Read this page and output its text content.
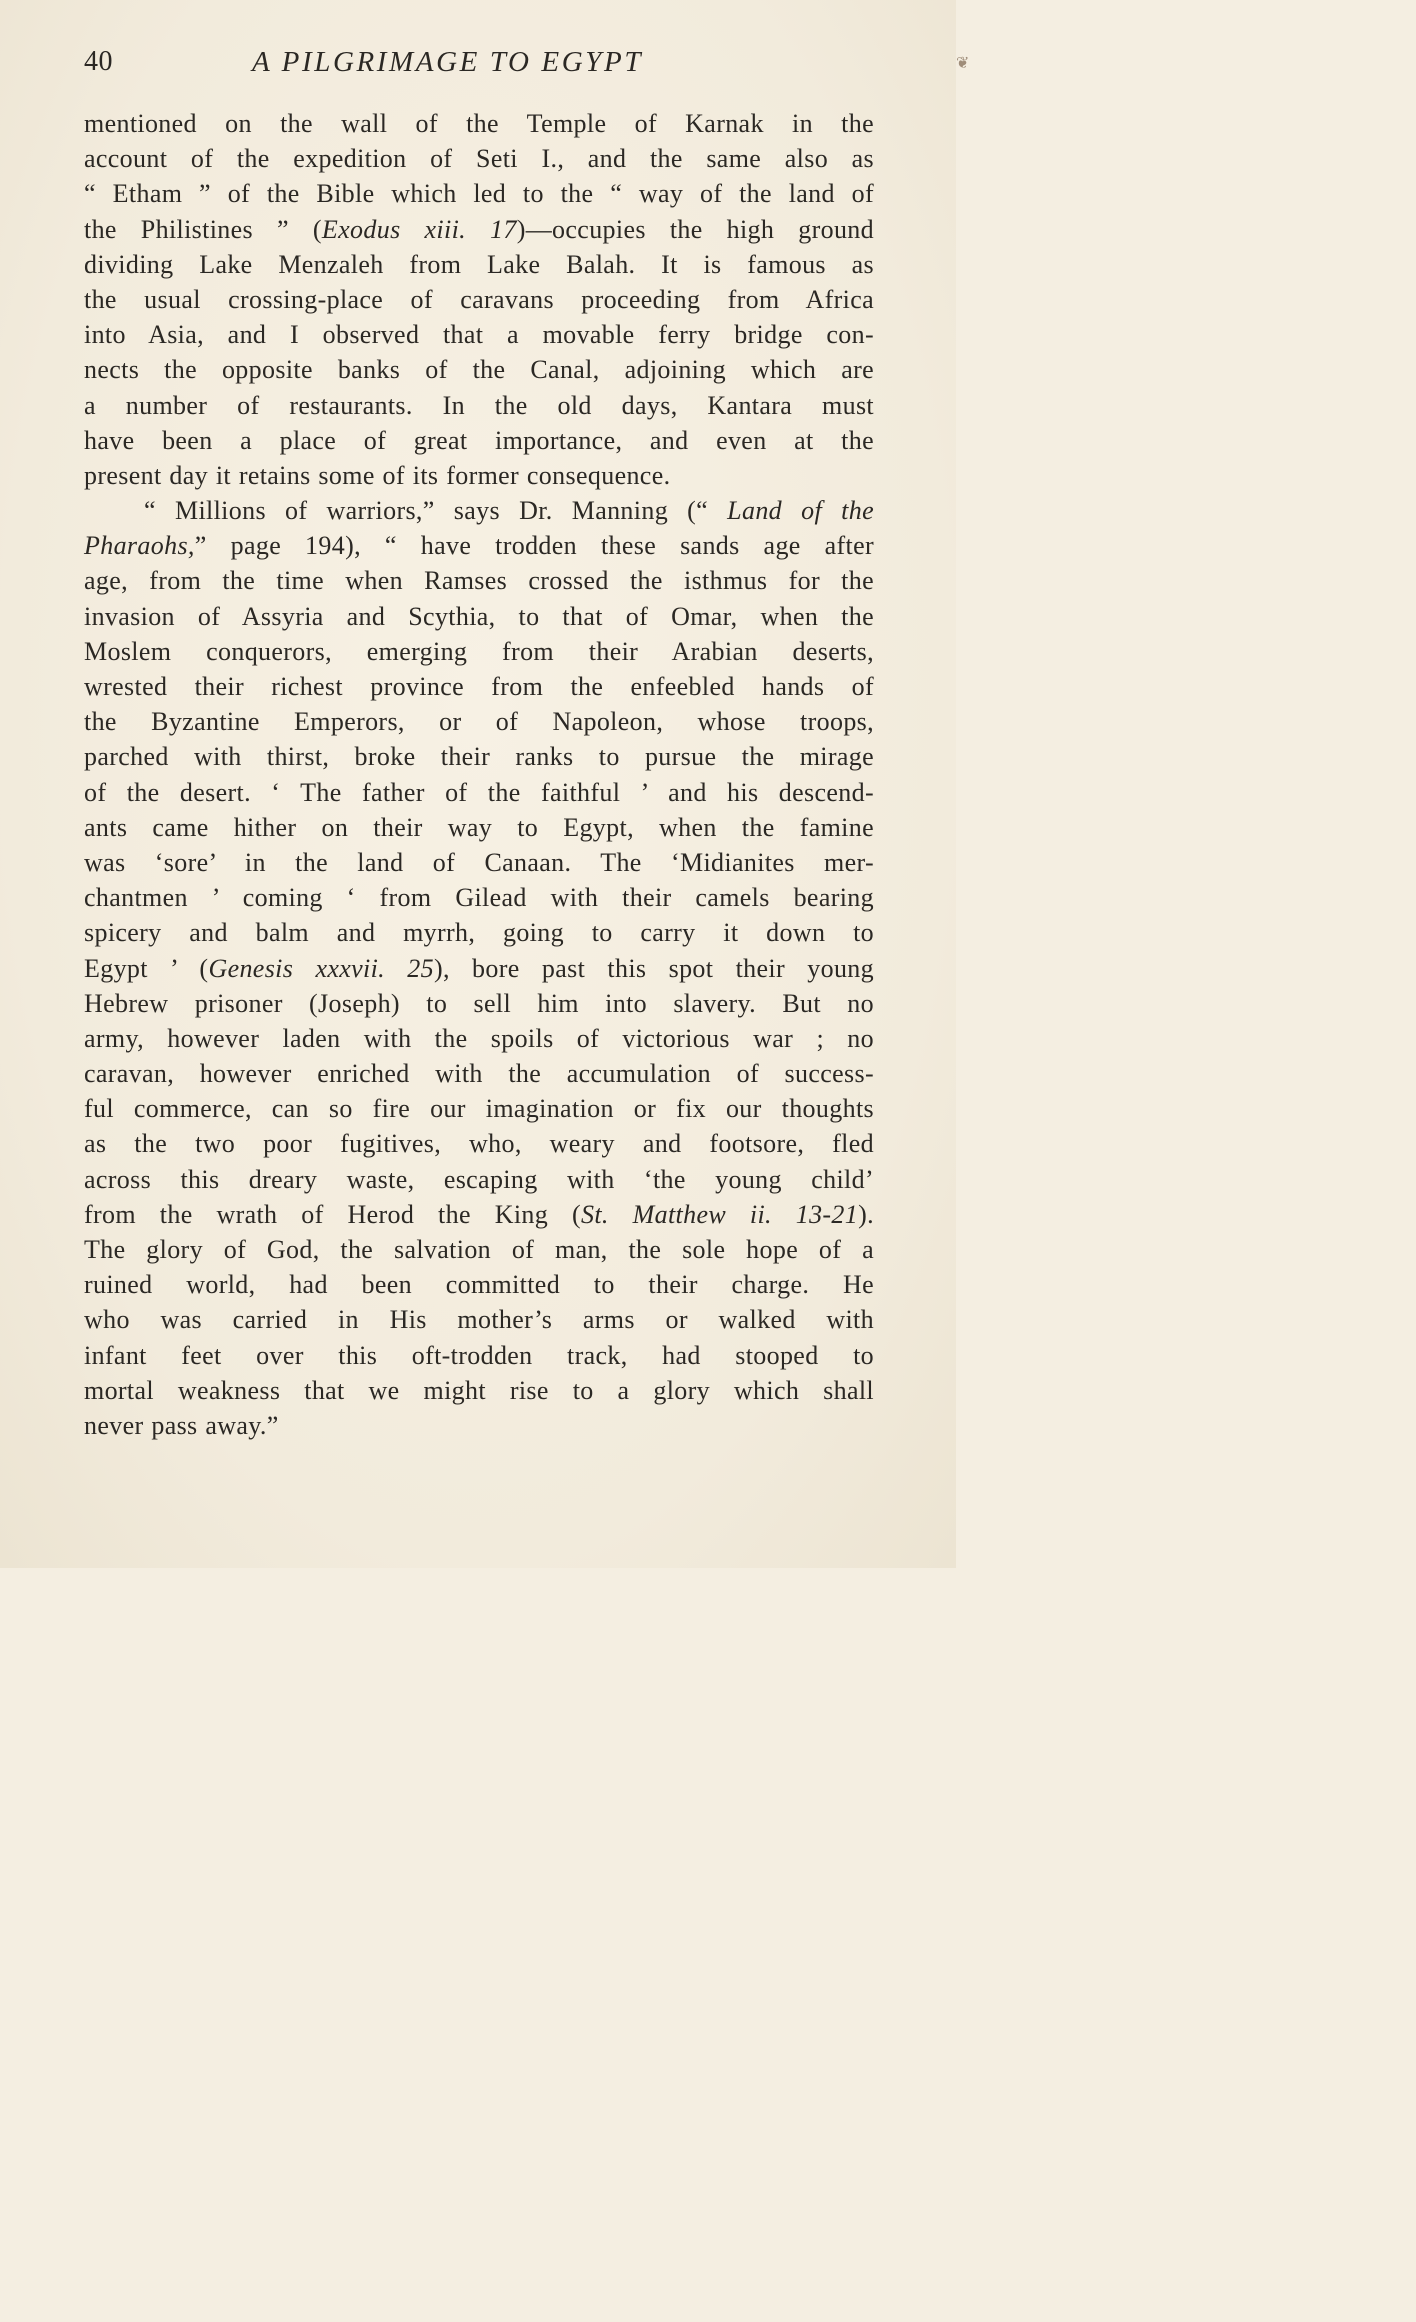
40	A PILGRIMAGE TO EGYPT	❦
mentioned on the wall of the Temple of Karnak in the
account of the expedition of Seti I., and the same also as
“ Etham ” of the Bible which led to the “ way of the land of
the Philistines ” (Exodus xiii. 17)—occupies the high ground
dividing Lake Menzaleh from Lake Balah. It is famous as
the usual crossing-place of caravans proceeding from Africa
into Asia, and I observed that a movable ferry bridge con-
nects the opposite banks of the Canal, adjoining which are
a number of restaurants. In the old days, Kantara must
have been a place of great importance, and even at the
present day it retains some of its former consequence.
“ Millions of warriors,” says Dr. Manning (“ Land of the
Pharaohs,” page 194), “ have trodden these sands age after
age, from the time when Ramses crossed the isthmus for the
invasion of Assyria and Scythia, to that of Omar, when the
Moslem conquerors, emerging from their Arabian deserts,
wrested their richest province from the enfeebled hands of
the Byzantine Emperors, or of Napoleon, whose troops,
parched with thirst, broke their ranks to pursue the mirage
of the desert. ‘ The father of the faithful ’ and his descend-
ants came hither on their way to Egypt, when the famine
was ‘sore’ in the land of Canaan. The ‘Midianites mer-
chantmen ’ coming ‘ from Gilead with their camels bearing
spicery and balm and myrrh, going to carry it down to
Egypt ’ (Genesis xxxvii. 25), bore past this spot their young
Hebrew prisoner (Joseph) to sell him into slavery. But no
army, however laden with the spoils of victorious war ; no
caravan, however enriched with the accumulation of success-
ful commerce, can so fire our imagination or fix our thoughts
as the two poor fugitives, who, weary and footsore, fled
across this dreary waste, escaping with ‘the young child’
from the wrath of Herod the King (St. Matthew ii. 13-21).
The glory of God, the salvation of man, the sole hope of a
ruined world, had been committed to their charge. He
who was carried in His mother’s arms or walked with
infant feet over this oft-trodden track, had stooped to
mortal weakness that we might rise to a glory which shall
never pass away.”
